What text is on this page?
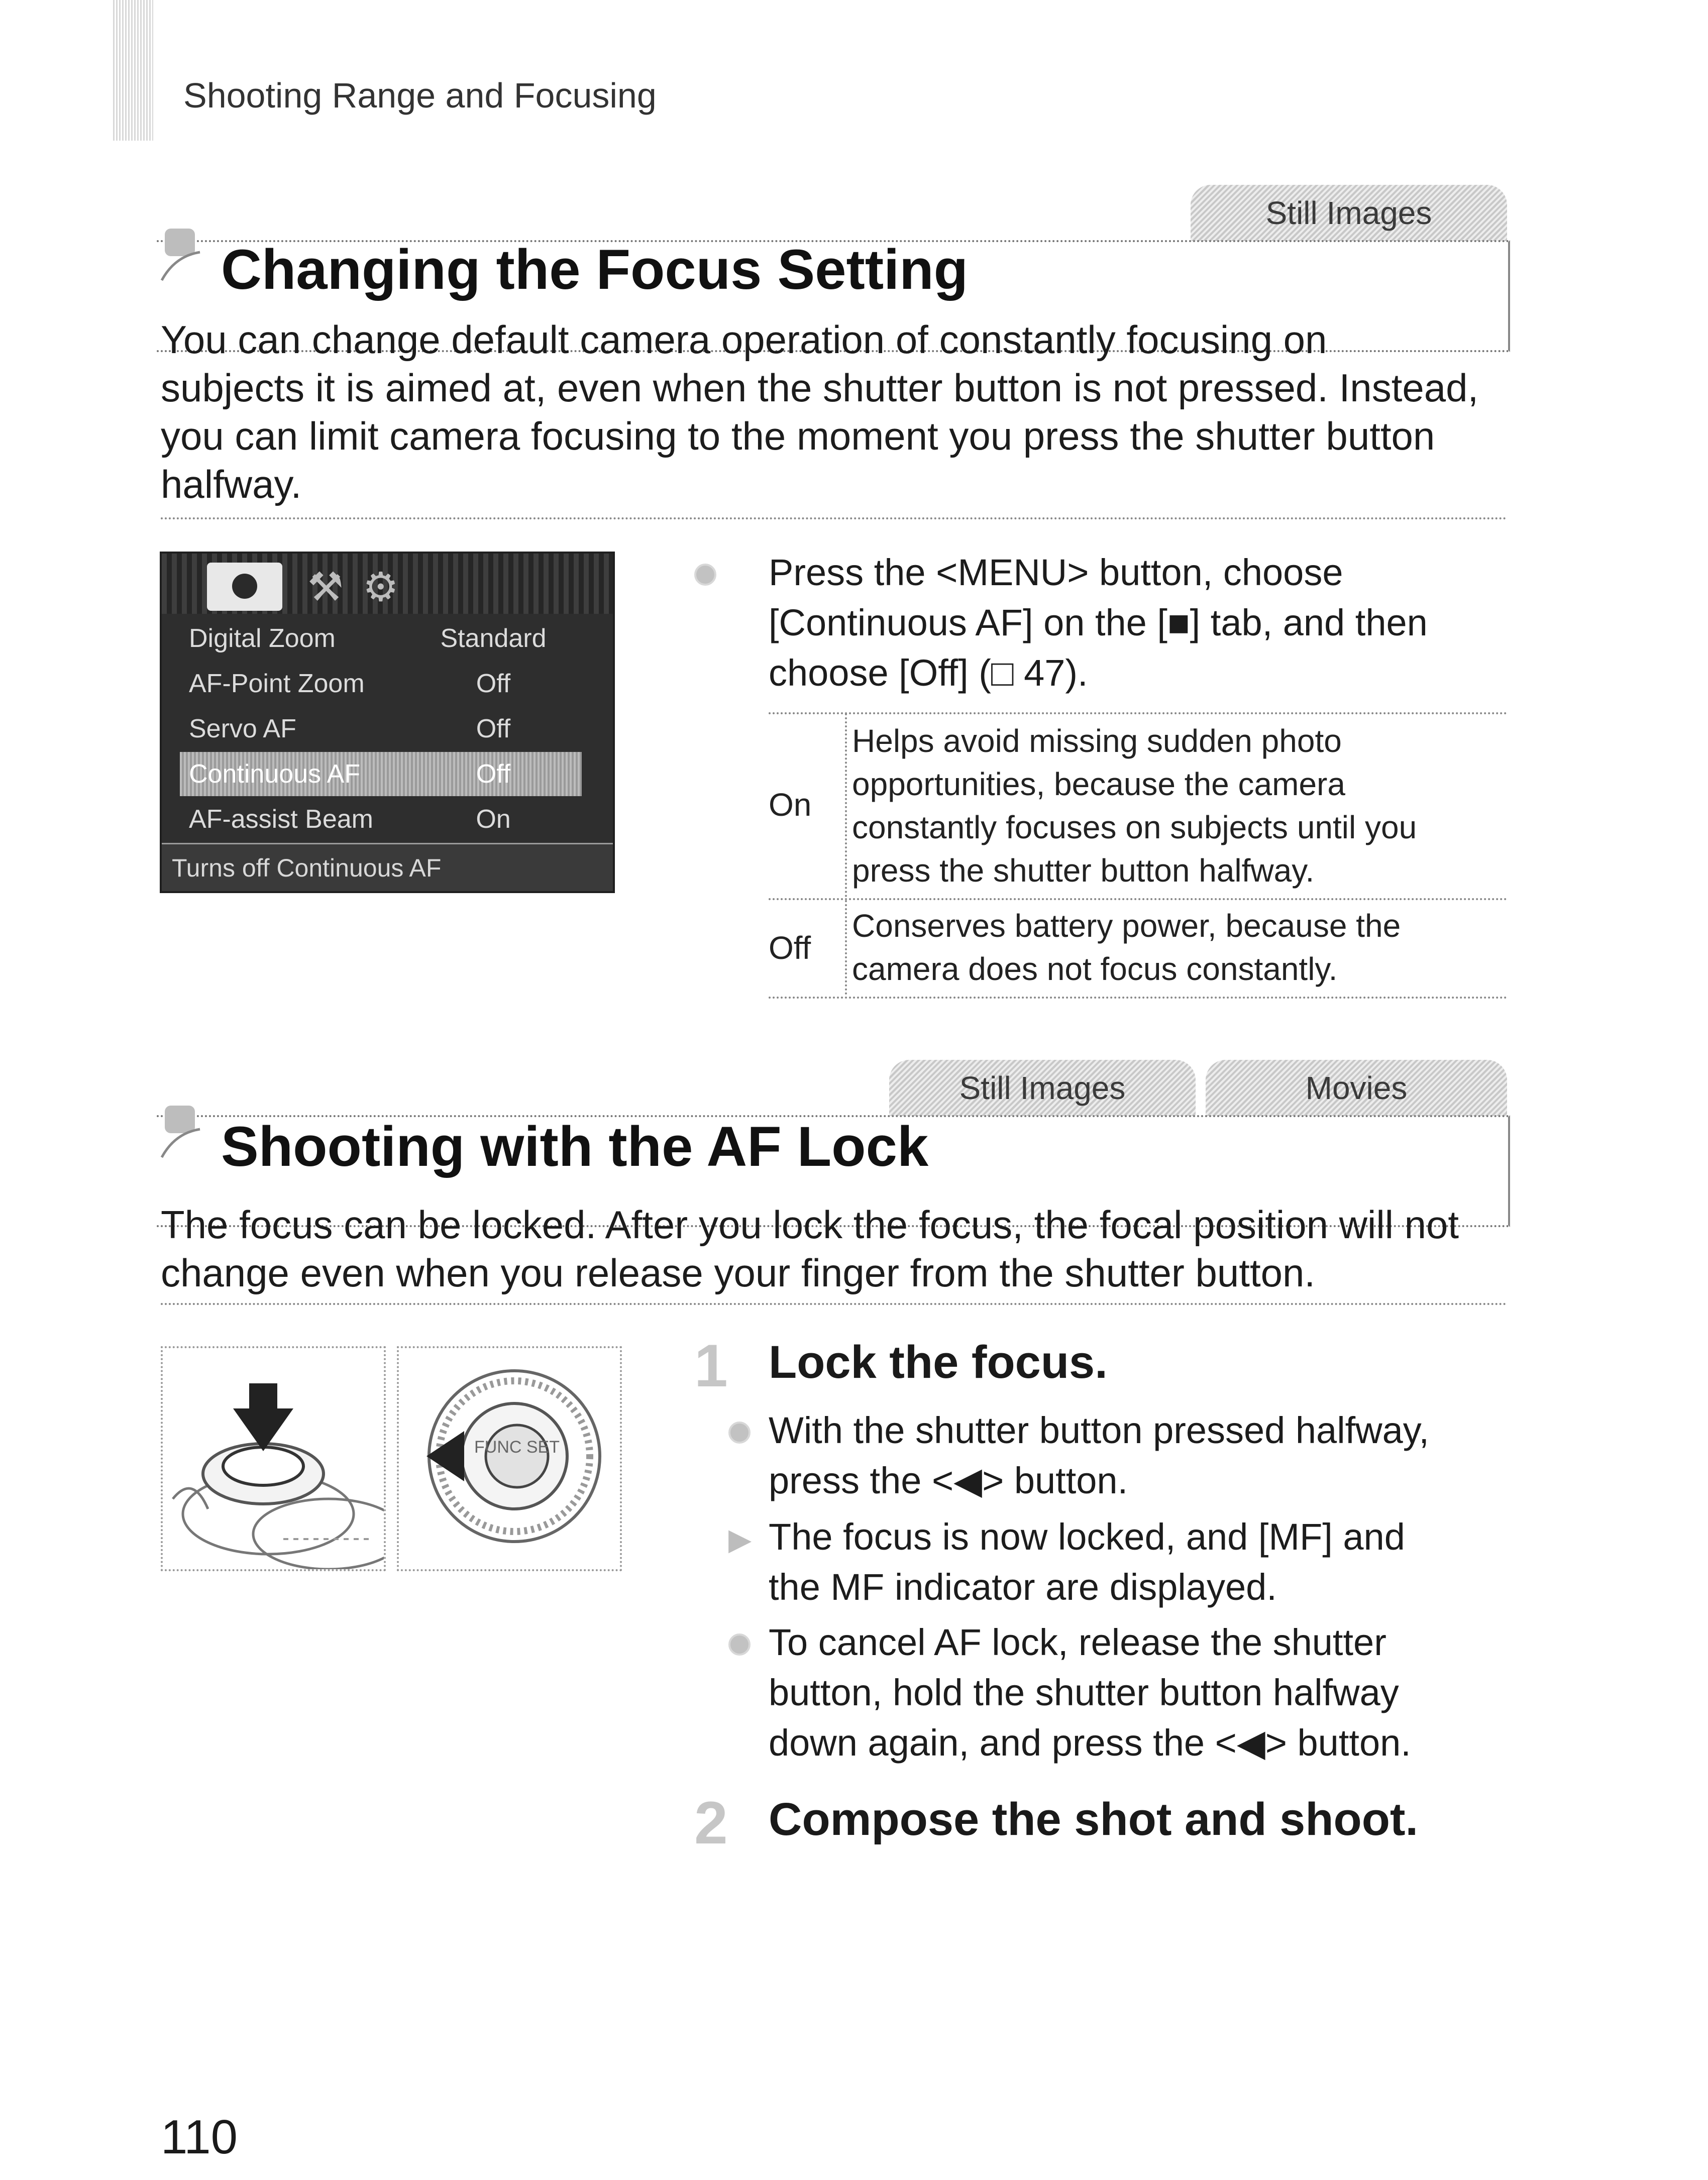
Shooting Range and Focusing
Still Images
Changing the Focus Setting
You can change default camera operation of constantly focusing on
subjects it is aimed at, even when the shutter button is not pressed. Instead,
you can limit camera focusing to the moment you press the shutter button
halfway.
⚒ ⚙
Digital Zoom	Standard
AF-Point Zoom	Off
Servo AF	Off
Continuous AF	Off
AF-assist Beam	On
Turns off Continuous AF
Press the <MENU> button, choose
[Continuous AF] on the [■] tab, and then
choose [Off] (□ 47).
On
Helps avoid missing sudden photo
opportunities, because the camera
constantly focuses on subjects until you
press the shutter button halfway.
Off
Conserves battery power, because the
camera does not focus constantly.
Still Images	Movies
Shooting with the AF Lock
The focus can be locked. After you lock the focus, the focal position will not
change even when you release your finger from the shutter button.
FUNC SET
1 Lock the focus.
With the shutter button pressed halfway,
press the <◀> button.
▶ The focus is now locked, and [MF] and
the MF indicator are displayed.
To cancel AF lock, release the shutter
button, hold the shutter button halfway
down again, and press the <◀> button.
2 Compose the shot and shoot.
110
